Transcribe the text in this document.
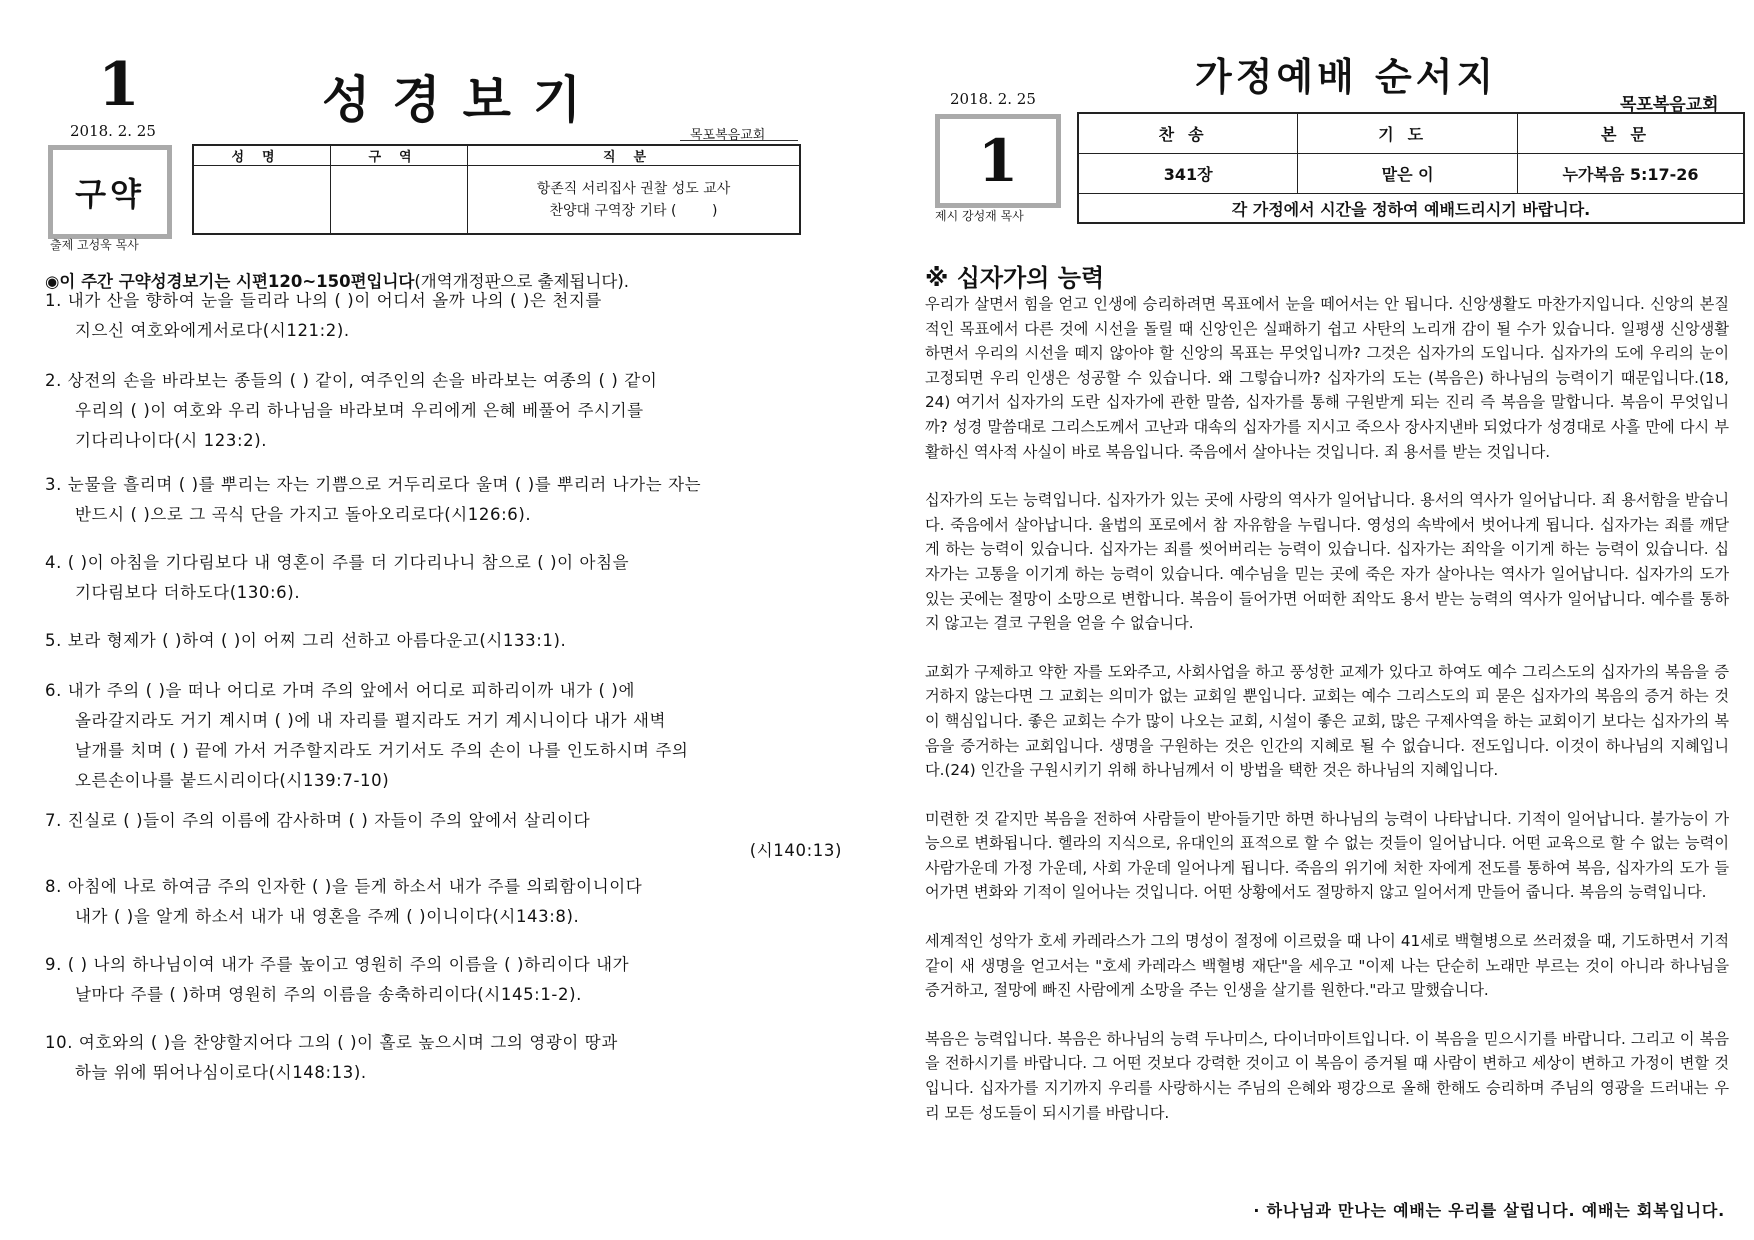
1	성경보기
2018. 2. 25	목포복음교회
구약
출제 고성욱 목사
성명	구역	직분

		항존직 서리집사 권찰 성도 교사
찬양대 구역장 기타 (        )
◉이 주간 구약성경보기는 시편120~150편입니다(개역개정판으로 출제됩니다).
1. 내가 산을 향하여 눈을 들리라 나의 ( )이 어디서 올까 나의 ( )은 천지를
지으신 여호와에게서로다(시121:2).
2. 상전의 손을 바라보는 종들의 ( ) 같이, 여주인의 손을 바라보는 여종의 ( ) 같이
우리의 ( )이 여호와 우리 하나님을 바라보며 우리에게 은혜 베풀어 주시기를
기다리나이다(시 123:2).
3. 눈물을 흘리며 ( )를 뿌리는 자는 기쁨으로 거두리로다 울며 ( )를 뿌리러 나가는 자는
반드시 ( )으로 그 곡식 단을 가지고 돌아오리로다(시126:6).
4. ( )이 아침을 기다림보다 내 영혼이 주를 더 기다리나니 참으로 ( )이 아침을
기다림보다 더하도다(130:6).
5. 보라 형제가 ( )하여 ( )이 어찌 그리 선하고 아름다운고(시133:1).
6. 내가 주의 ( )을 떠나 어디로 가며 주의 앞에서 어디로 피하리이까 내가 ( )에
올라갈지라도 거기 계시며 ( )에 내 자리를 펼지라도 거기 계시니이다 내가 새벽
날개를 치며 ( ) 끝에 가서 거주할지라도 거기서도 주의 손이 나를 인도하시며 주의
오른손이나를 붙드시리이다(시139:7-10)
7. 진실로 ( )들이 주의 이름에 감사하며 ( ) 자들이 주의 앞에서 살리이다
(시140:13)
8. 아침에 나로 하여금 주의 인자한 ( )을 듣게 하소서 내가 주를 의뢰함이니이다
내가 ( )을 알게 하소서 내가 내 영혼을 주께 ( )이니이다(시143:8).
9. ( ) 나의 하나님이여 내가 주를 높이고 영원히 주의 이름을 ( )하리이다 내가
날마다 주를 ( )하며 영원히 주의 이름을 송축하리이다(시145:1-2).
10. 여호와의 ( )을 찬양할지어다 그의 ( )이 홀로 높으시며 그의 영광이 땅과
하늘 위에 뛰어나심이로다(시148:13).
가정예배 순서지
2018. 2. 25	목포복음교회
1
제시 강성재 목사
찬송	기도	본문
341장	맡은 이	누가복음 5:17-26
각 가정에서 시간을 정하여 예배드리시기 바랍니다.		
※ 십자가의 능력

우리가 살면서 힘을 얻고 인생에 승리하려면 목표에서 눈을 떼어서는 안 됩니다. 신앙생활도 마찬가지입니다. 신앙의 본질적인 목표에서 다른 것에 시선을 돌릴 때 신앙인은 실패하기 쉽고 사탄의 노리개 감이 될 수가 있습니다. 일평생 신앙생활하면서 우리의 시선을 떼지 않아야 할 신앙의 목표는 무엇입니까? 그것은 십자가의 도입니다. 십자가의 도에 우리의 눈이 고정되면 우리 인생은 성공할 수 있습니다. 왜 그렇습니까? 십자가의 도는 (복음은) 하나님의 능력이기 때문입니다.(18, 24) 여기서 십자가의 도란 십자가에 관한 말씀, 십자가를 통해 구원받게 되는 진리 즉 복음을 말합니다. 복음이 무엇입니까? 성경 말씀대로 그리스도께서 고난과 대속의 십자가를 지시고 죽으사 장사지낸바 되었다가 성경대로 사흘 만에 다시 부활하신 역사적 사실이 바로 복음입니다. 죽음에서 살아나는 것입니다. 죄 용서를 받는 것입니다.

십자가의 도는 능력입니다. 십자가가 있는 곳에 사랑의 역사가 일어납니다. 용서의 역사가 일어납니다. 죄 용서함을 받습니다. 죽음에서 살아납니다. 율법의 포로에서 참 자유함을 누립니다. 영성의 속박에서 벗어나게 됩니다. 십자가는 죄를 깨닫게 하는 능력이 있습니다. 십자가는 죄를 씻어버리는 능력이 있습니다. 십자가는 죄악을 이기게 하는 능력이 있습니다. 십자가는 고통을 이기게 하는 능력이 있습니다. 예수님을 믿는 곳에 죽은 자가 살아나는 역사가 일어납니다. 십자가의 도가 있는 곳에는 절망이 소망으로 변합니다. 복음이 들어가면 어떠한 죄악도 용서 받는 능력의 역사가 일어납니다. 예수를 통하지 않고는 결코 구원을 얻을 수 없습니다.

교회가 구제하고 약한 자를 도와주고, 사회사업을 하고 풍성한 교제가 있다고 하여도 예수 그리스도의 십자가의 복음을 증거하지 않는다면 그 교회는 의미가 없는 교회일 뿐입니다. 교회는 예수 그리스도의 피 묻은 십자가의 복음의 증거 하는 것이 핵심입니다. 좋은 교회는 수가 많이 나오는 교회, 시설이 좋은 교회, 많은 구제사역을 하는 교회이기 보다는 십자가의 복음을 증거하는 교회입니다. 생명을 구원하는 것은 인간의 지혜로 될 수 없습니다. 전도입니다. 이것이 하나님의 지혜입니다.(24) 인간을 구원시키기 위해 하나님께서 이 방법을 택한 것은 하나님의 지혜입니다.

미련한 것 같지만 복음을 전하여 사람들이 받아들기만 하면 하나님의 능력이 나타납니다. 기적이 일어납니다. 불가능이 가능으로 변화됩니다. 헬라의 지식으로, 유대인의 표적으로 할 수 없는 것들이 일어납니다. 어떤 교육으로 할 수 없는 능력이 사람가운데 가정 가운데, 사회 가운데 일어나게 됩니다. 죽음의 위기에 처한 자에게 전도를 통하여 복음, 십자가의 도가 들어가면 변화와 기적이 일어나는 것입니다. 어떤 상황에서도 절망하지 않고 일어서게 만들어 줍니다. 복음의 능력입니다.

세계적인 성악가 호세 카레라스가 그의 명성이 절정에 이르렀을 때 나이 41세로 백혈병으로 쓰러졌을 때, 기도하면서 기적같이 새 생명을 얻고서는 "호세 카레라스 백혈병 재단"을 세우고 "이제 나는 단순히 노래만 부르는 것이 아니라 하나님을 증거하고, 절망에 빠진 사람에게 소망을 주는 인생을 살기를 원한다."라고 말했습니다.

복음은 능력입니다. 복음은 하나님의 능력 두나미스, 다이너마이트입니다. 이 복음을 믿으시기를 바랍니다. 그리고 이 복음을 전하시기를 바랍니다. 그 어떤 것보다 강력한 것이고 이 복음이 증거될 때 사람이 변하고 세상이 변하고 가정이 변할 것입니다. 십자가를 지기까지 우리를 사랑하시는 주님의 은혜와 평강으로 올해 한해도 승리하며 주님의 영광을 드러내는 우리 모든 성도들이 되시기를 바랍니다.

· 하나님과 만나는 예배는 우리를 살립니다. 예배는 회복입니다.
